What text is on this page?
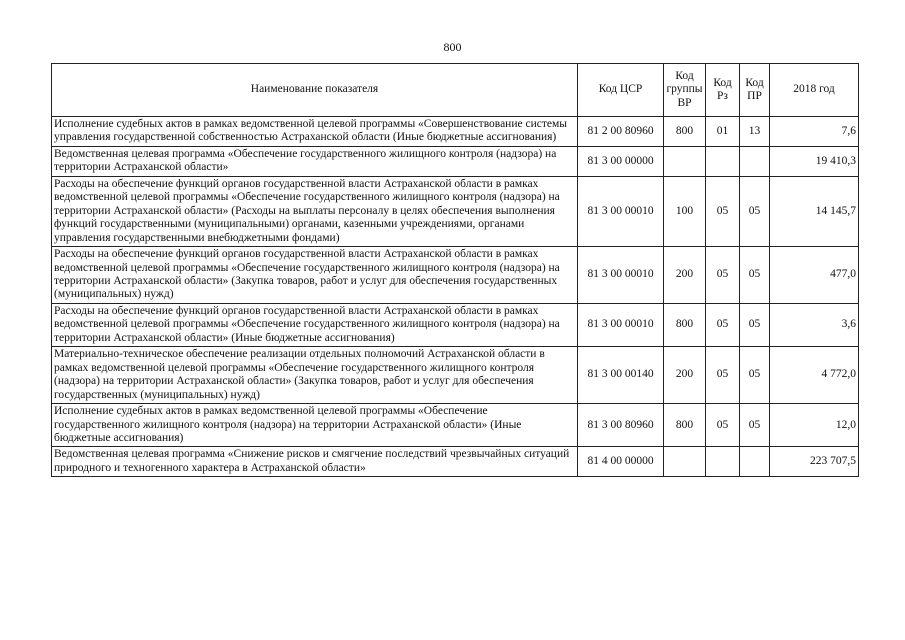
800
Наименование показателя	Код ЦСР	Код группы ВР	Код Рз	Код ПР	2018 год
Исполнение судебных актов в рамках ведомственной целевой программы «Совершенствование системы управления государственной собственностью Астраханской области (Иные бюджетные ассигнования)	81 2 00 80960	800	01	13	7,6
Ведомственная целевая программа «Обеспечение государственного жилищного контроля (надзора) на территории Астраханской области»	81 3 00 00000				19 410,3
Расходы на обеспечение функций органов государственной власти Астраханской области в рамках ведомственной целевой программы «Обеспечение государственного жилищного контроля (надзора) на территории Астраханской области» (Расходы на выплаты персоналу в целях обеспечения выполнения функций государственными (муниципальными) органами, казенными учреждениями, органами управления государственными внебюджетными фондами)	81 3 00 00010	100	05	05	14 145,7
Расходы на обеспечение функций органов государственной власти Астраханской области в рамках ведомственной целевой программы «Обеспечение государственного жилищного контроля (надзора) на территории Астраханской области» (Закупка товаров, работ и услуг для обеспечения государственных (муниципальных) нужд)	81 3 00 00010	200	05	05	477,0
Расходы на обеспечение функций органов государственной власти Астраханской области в рамках ведомственной целевой программы «Обеспечение государственного жилищного контроля (надзора) на территории Астраханской области» (Иные бюджетные ассигнования)	81 3 00 00010	800	05	05	3,6
Материально-техническое обеспечение реализации отдельных полномочий Астраханской области в рамках ведомственной целевой программы «Обеспечение государственного жилищного контроля (надзора) на территории Астраханской области» (Закупка товаров, работ и услуг для обеспечения государственных (муниципальных) нужд)	81 3 00 00140	200	05	05	4 772,0
Исполнение судебных актов в рамках ведомственной целевой программы «Обеспечение государственного жилищного контроля (надзора) на территории Астраханской области» (Иные бюджетные ассигнования)	81 3 00 80960	800	05	05	12,0
Ведомственная целевая программа «Снижение рисков и смягчение последствий чрезвычайных ситуаций природного и техногенного характера в Астраханской области»	81 4 00 00000				223 707,5
